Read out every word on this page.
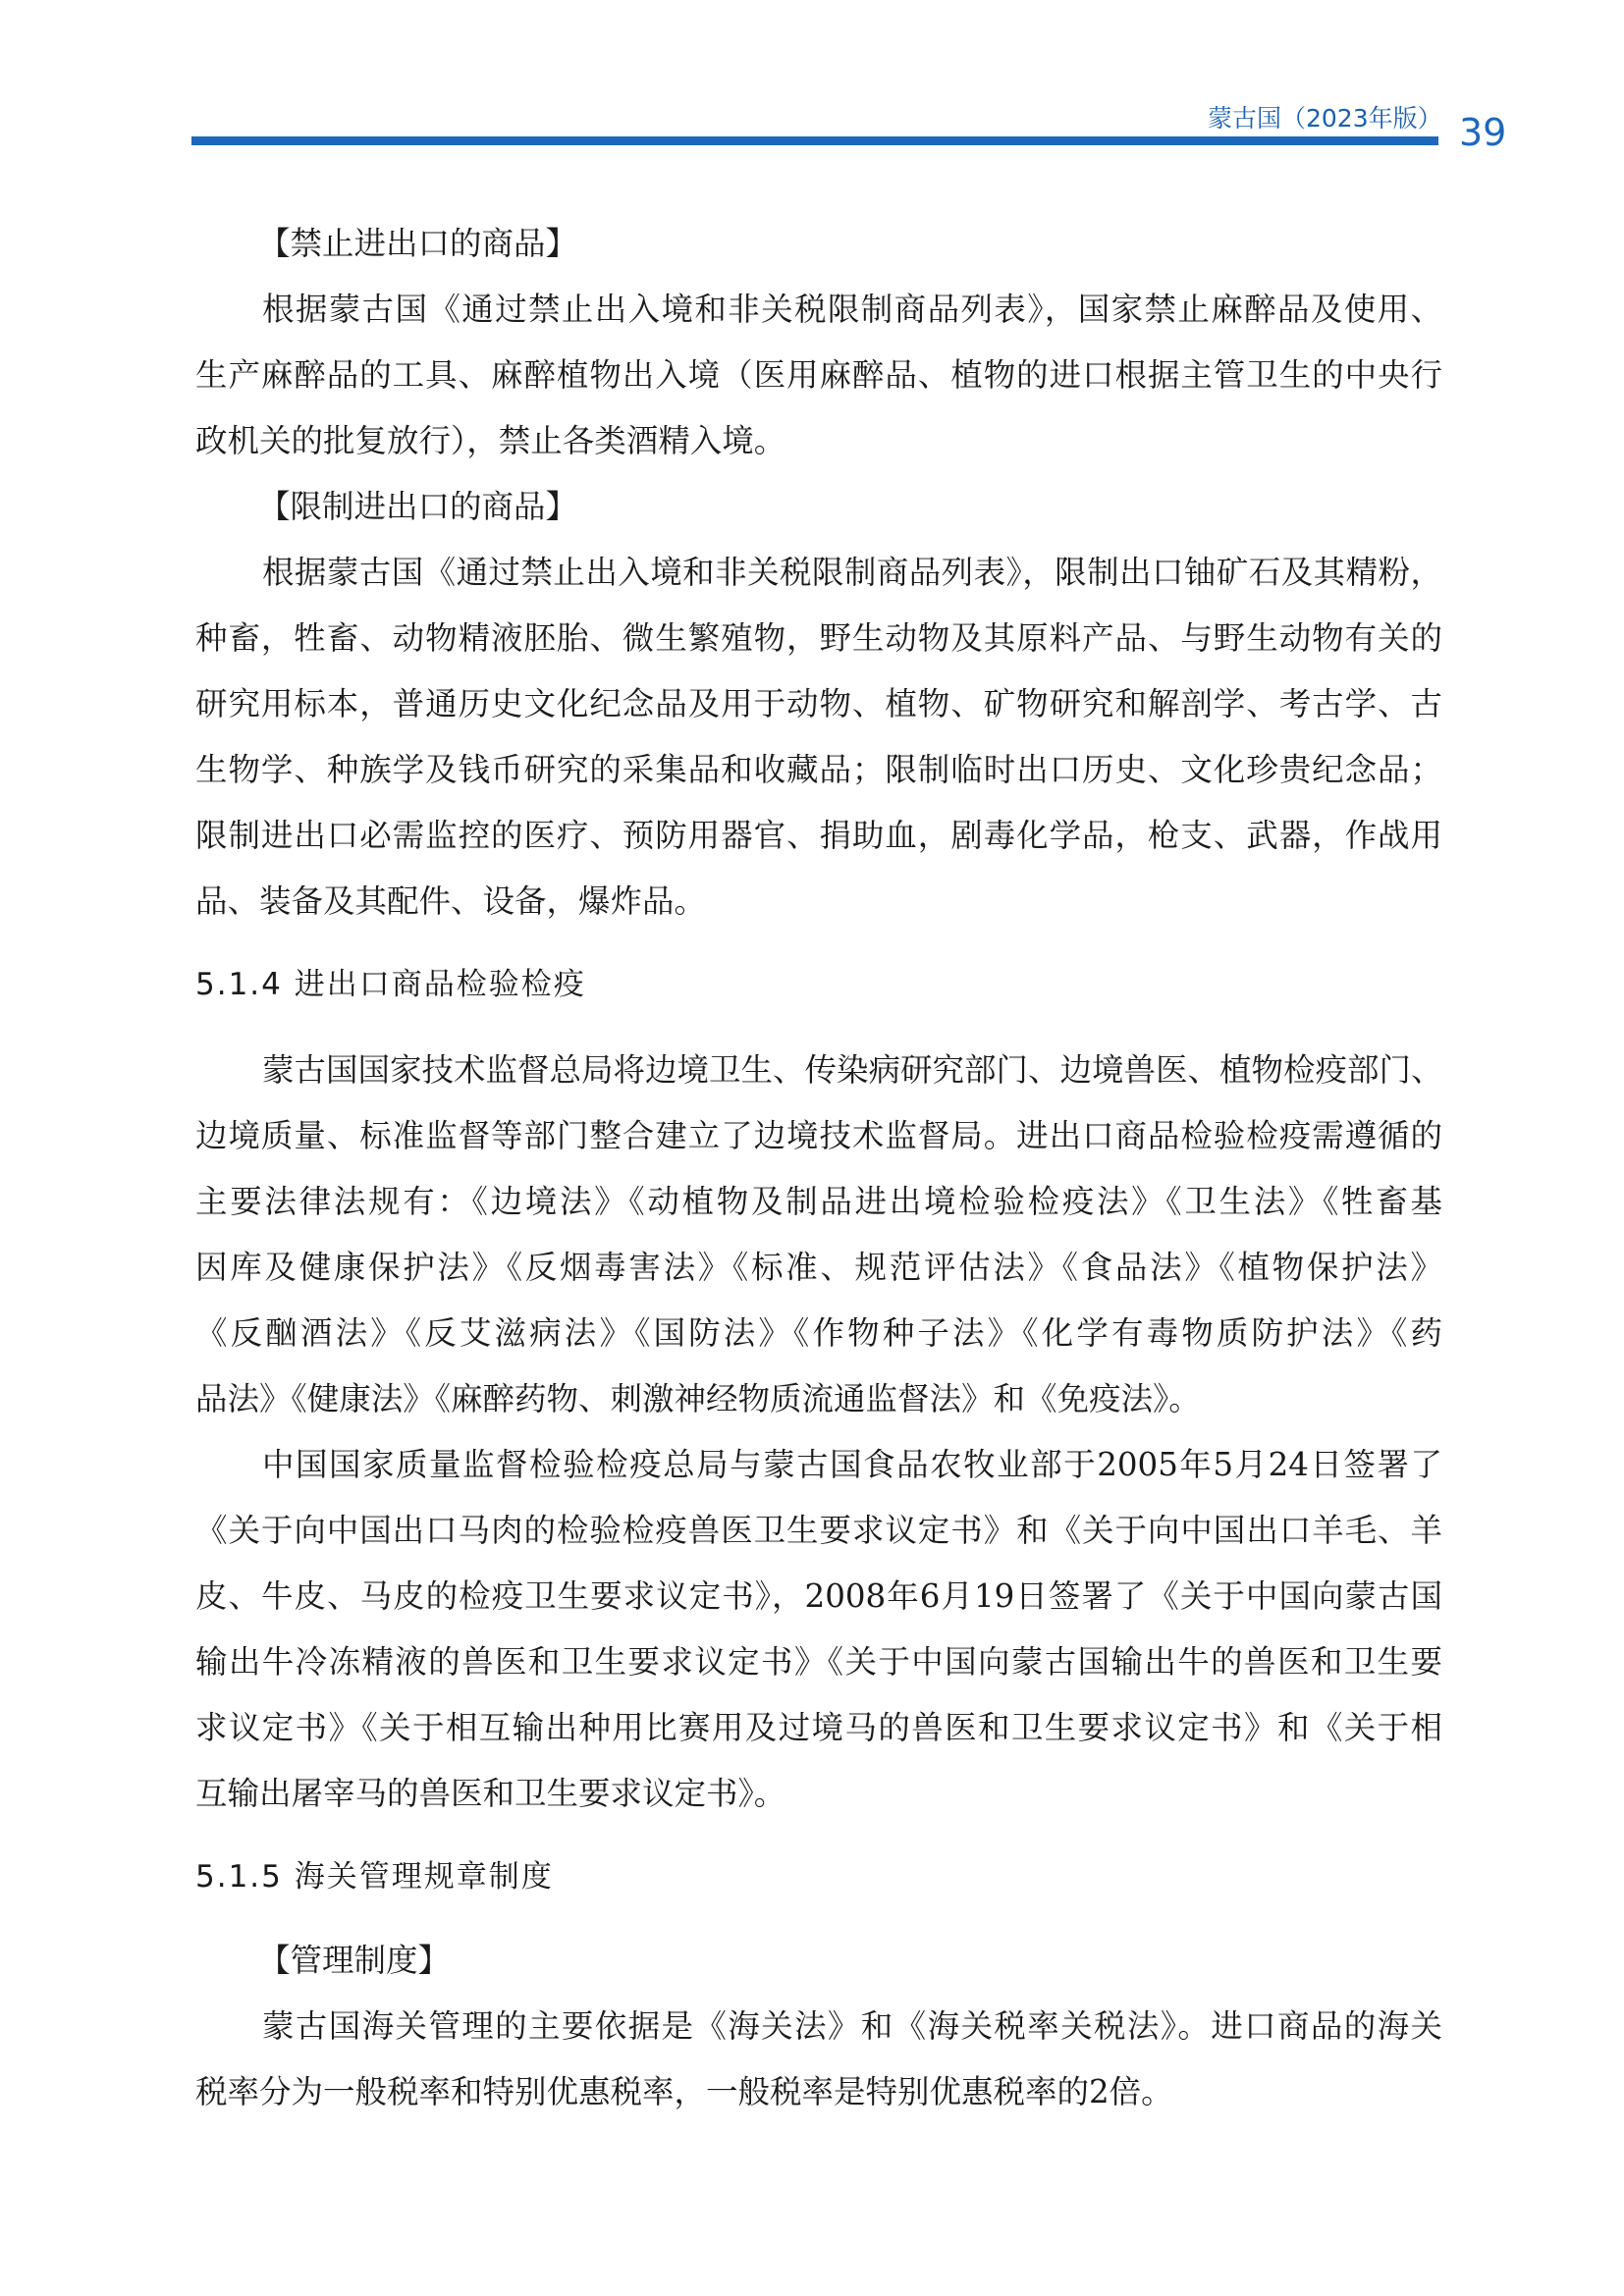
蒙古国（2023年版） 39

【禁止进出口的商品】

根据蒙古国《通过禁止出入境和非关税限制商品列表》，国家禁止麻醉品及使用、
生产麻醉品的工具、麻醉植物出入境（医用麻醉品、植物的进口根据主管卫生的中央行
政机关的批复放行），禁止各类酒精入境。

【限制进出口的商品】

根据蒙古国《通过禁止出入境和非关税限制商品列表》，限制出口铀矿石及其精粉，
种畜，牲畜、动物精液胚胎、微生繁殖物，野生动物及其原料产品、与野生动物有关的
研究用标本，普通历史文化纪念品及用于动物、植物、矿物研究和解剖学、考古学、古
生物学、种族学及钱币研究的采集品和收藏品；限制临时出口历史、文化珍贵纪念品；
限制进出口必需监控的医疗、预防用器官、捐助血，剧毒化学品，枪支、武器，作战用
品、装备及其配件、设备，爆炸品。

5.1.4 进出口商品检验检疫

蒙古国国家技术监督总局将边境卫生、传染病研究部门、边境兽医、植物检疫部门、
边境质量、标准监督等部门整合建立了边境技术监督局。进出口商品检验检疫需遵循的
主要法律法规有：《边境法》《动植物及制品进出境检验检疫法》《卫生法》《牲畜基
因库及健康保护法》《反烟毒害法》《标准、规范评估法》《食品法》《植物保护法》
《反酗酒法》《反艾滋病法》《国防法》《作物种子法》《化学有毒物质防护法》《药
品法》《健康法》《麻醉药物、刺激神经物质流通监督法》和《免疫法》。

中国国家质量监督检验检疫总局与蒙古国食品农牧业部于2005年5月24日签署了
《关于向中国出口马肉的检验检疫兽医卫生要求议定书》和《关于向中国出口羊毛、羊
皮、牛皮、马皮的检疫卫生要求议定书》，2008年6月19日签署了《关于中国向蒙古国
输出牛冷冻精液的兽医和卫生要求议定书》《关于中国向蒙古国输出牛的兽医和卫生要
求议定书》《关于相互输出种用比赛用及过境马的兽医和卫生要求议定书》和《关于相
互输出屠宰马的兽医和卫生要求议定书》。

5.1.5 海关管理规章制度

【管理制度】

蒙古国海关管理的主要依据是《海关法》和《海关税率关税法》。进口商品的海关
税率分为一般税率和特别优惠税率，一般税率是特别优惠税率的2倍。
